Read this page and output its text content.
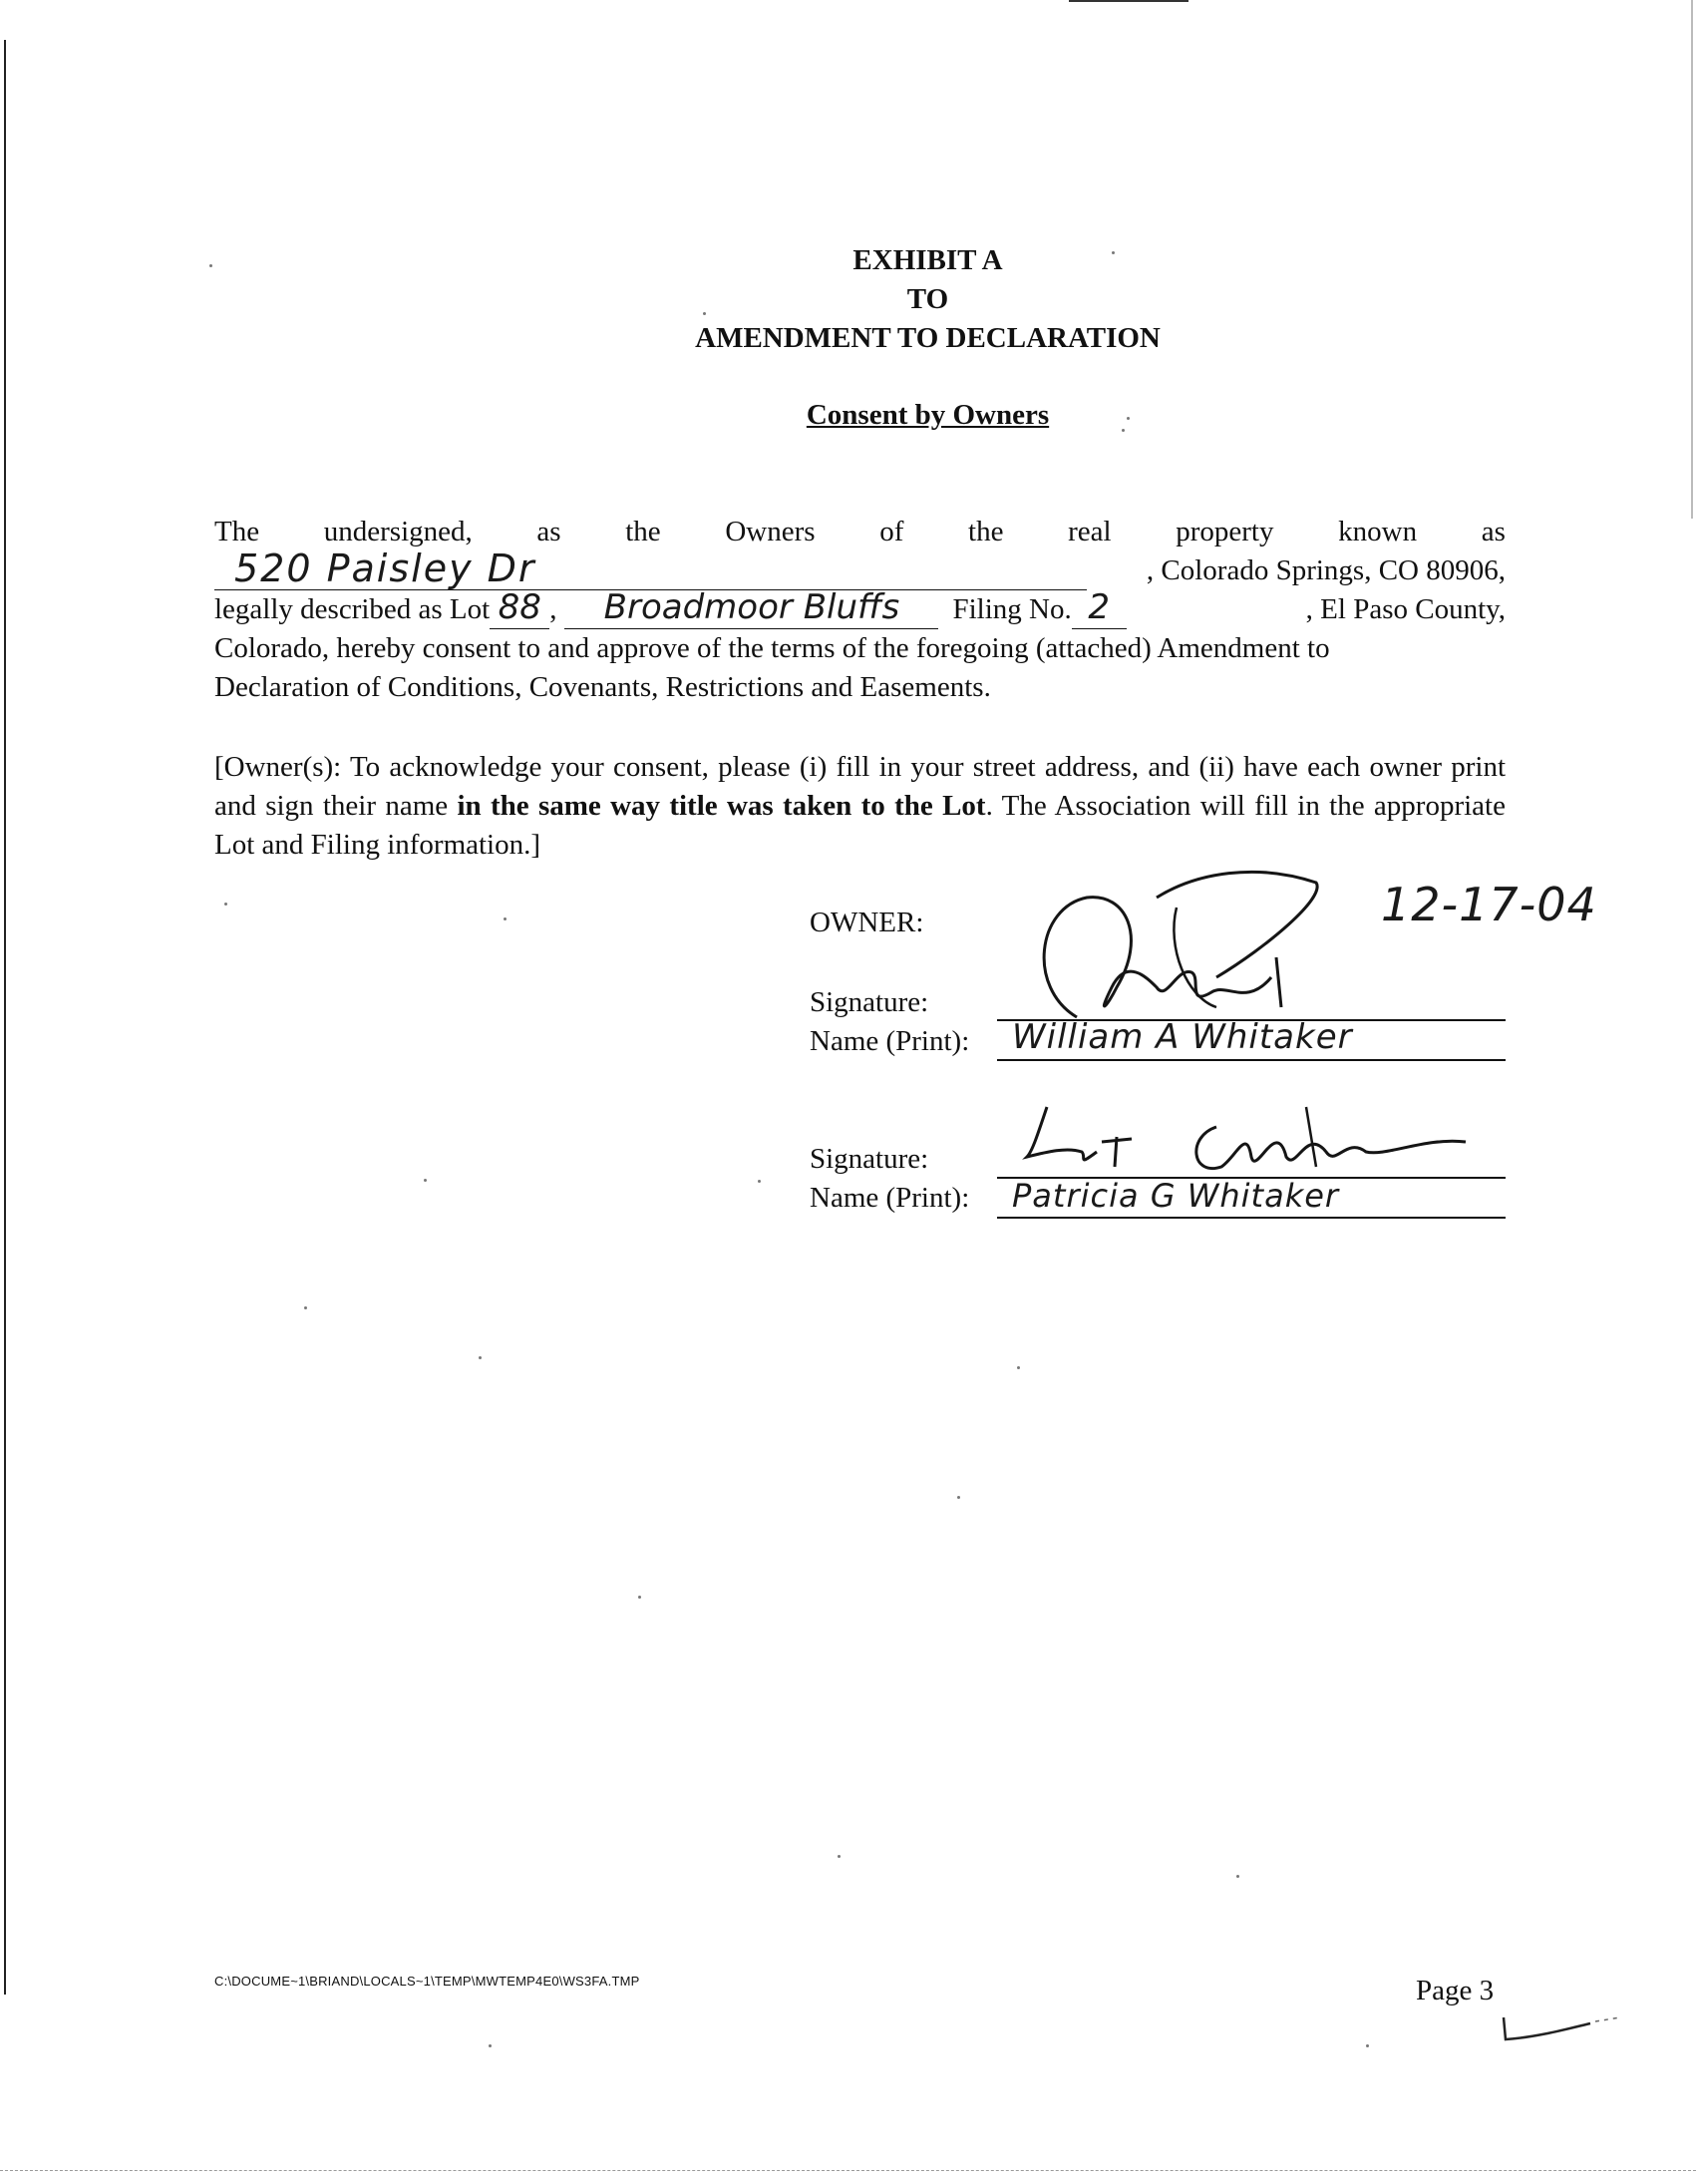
EXHIBIT A
TO
AMENDMENT TO DECLARATION
Consent by Owners
The undersigned, as the Owners of the real property known as
520 Paisley Dr	, Colorado Springs, CO 80906,
legally described as Lot 88 ,	Broadmoor Bluffs	Filing No. 2	, El Paso County,
Colorado, hereby consent to and approve of the terms of the foregoing (attached) Amendment to
Declaration of Conditions, Covenants, Restrictions and Easements.
[Owner(s): To acknowledge your consent, please (i) fill in your street address, and (ii) have each owner print and sign their name in the same way title was taken to the Lot. The Association will fill in the appropriate Lot and Filing information.]
OWNER:	12-17-04
Signature:
Name (Print): William A Whitaker
Signature:
Name (Print): Patricia G Whitaker
C:\DOCUME~1\BRIAND\LOCALS~1\TEMP\MWTEMP4E0\WS3FA.TMP	Page 3
